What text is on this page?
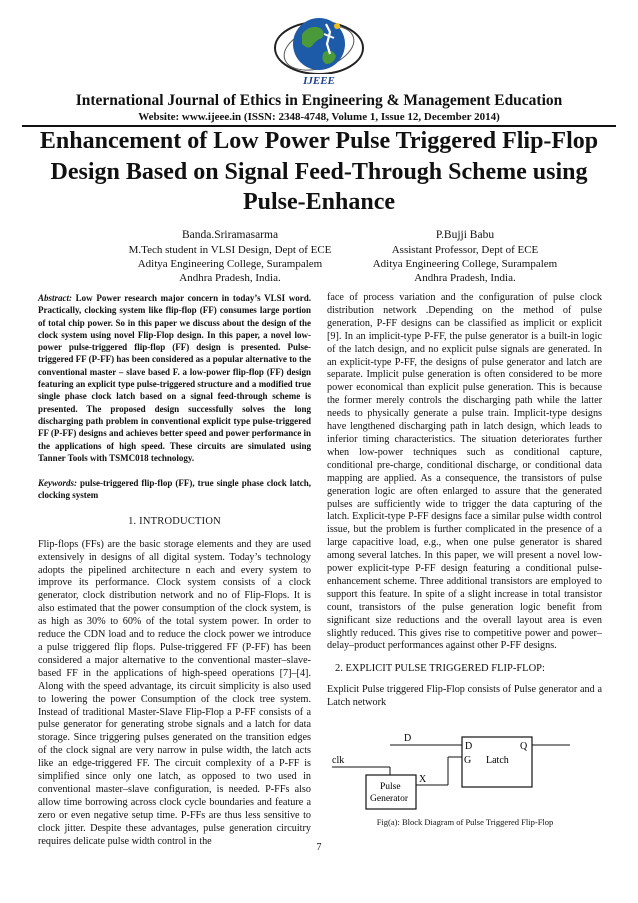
IJEEE
International Journal of Ethics in Engineering & Management Education
Website: www.ijeee.in (ISSN: 2348-4748, Volume 1, Issue 12, December 2014)
Enhancement of Low Power Pulse Triggered Flip-Flop Design Based on Signal Feed-Through Scheme using Pulse-Enhance
Banda.Sriramasarma
M.Tech student in VLSI Design, Dept of ECE
Aditya Engineering College, Surampalem
Andhra Pradesh, India.
P.Bujji Babu
Assistant Professor, Dept of ECE
Aditya Engineering College, Surampalem
Andhra Pradesh, India.
Abstract: Low Power research major concern in today’s VLSI word. Practically, clocking system like flip-flop (FF) consumes large portion of total chip power. So in this paper we discuss about the design of the clock system using novel Flip-Flop design. In this paper, a novel low-power pulse-triggered flip-flop (FF) design is presented. Pulse- triggered FF (P-FF) has been considered as a popular alternative to the conventional master – slave based F. a low-power flip-flop (FF) design featuring an explicit type pulse-triggered structure and a modified true single phase clock latch based on a signal feed-through scheme is presented. The proposed design successfully solves the long discharging path problem in conventional explicit type pulse-triggered FF (P-FF) designs and achieves better speed and power performance in the applications of high speed. These circuits are simulated using Tanner Tools with TSMC018 technology.
Keywords: pulse-triggered flip-flop (FF), true single phase clock latch, clocking system
1. INTRODUCTION
Flip-flops (FFs) are the basic storage elements and they are used extensively in designs of all digital system. Today’s technology adopts the pipelined architecture n each and every system to improve its performance. Clock system consists of a clock generator, clock distribution network and no of Flip-Flops. It is also estimated that the power consumption of the clock system, is as high as 30% to 60% of the total system power. In order to reduce the CDN load and to reduce the clock power we introduce a pulse triggered flip flops. Pulse-triggered FF (P-FF) has been considered a major alternative to the conventional master–slave-based FF in the applications of high-speed operations [7]–[4]. Along with the speed advantage, its circuit simplicity is also used to lowering the power Consumption of the clock tree system. Instead of traditional Master-Slave Flip-Flop a P-FF consists of a pulse generator for generating strobe signals and a latch for data storage. Since triggering pulses generated on the transition edges of the clock signal are very narrow in pulse width, the latch acts like an edge-triggered FF. The circuit complexity of a P-FF is simplified since only one latch, as opposed to two used in conventional master–slave configuration, is needed. P-FFs also allow time borrowing across clock cycle boundaries and feature a zero or even negative setup time. P-FFs are thus less sensitive to clock jitter. Despite these advantages, pulse generation circuitry requires delicate pulse width control in the
face of process variation and the configuration of pulse clock distribution network .Depending on the method of pulse generation, P-FF designs can be classified as implicit or explicit [9]. In an implicit-type P-FF, the pulse generator is a built-in logic of the latch design, and no explicit pulse signals are generated. In an explicit-type P-FF, the designs of pulse generator and latch are separate. Implicit pulse generation is often considered to be more power economical than explicit pulse generation. This is because the former merely controls the discharging path while the latter needs to physically generate a pulse train. Implicit-type designs have lengthened discharging path in latch design, which leads to inferior timing characteristics. The situation deteriorates further when low-power techniques such as conditional capture, conditional pre-charge, conditional discharge, or conditional data mapping are applied. As a consequence, the transistors of pulse generation logic are often enlarged to assure that the generated pulses are sufficiently wide to trigger the data capturing of the latch. Explicit-type P-FF designs face a similar pulse width control issue, but the problem is further complicated in the presence of a large capacitive load, e.g., when one pulse generator is shared among several latches. In this paper, we will present a novel low-power explicit-type P-FF design featuring a conditional pulse-enhancement scheme. Three additional transistors are employed to support this feature. In spite of a slight increase in total transistor count, transistors of the pulse generation logic benefit from significant size reductions and the overall layout area is even slightly reduced. This gives rise to competitive power and power–delay–product performances against other P-FF designs.
2. EXPLICIT PULSE TRIGGERED FLIP-FLOP:
Explicit Pulse triggered Flip-Flop consists of Pulse generator and a Latch network
D
D	Q
G Latch
clk
Pulse
Generator
X
Fig(a): Block Diagram of Pulse Triggered Flip-Flop
7
